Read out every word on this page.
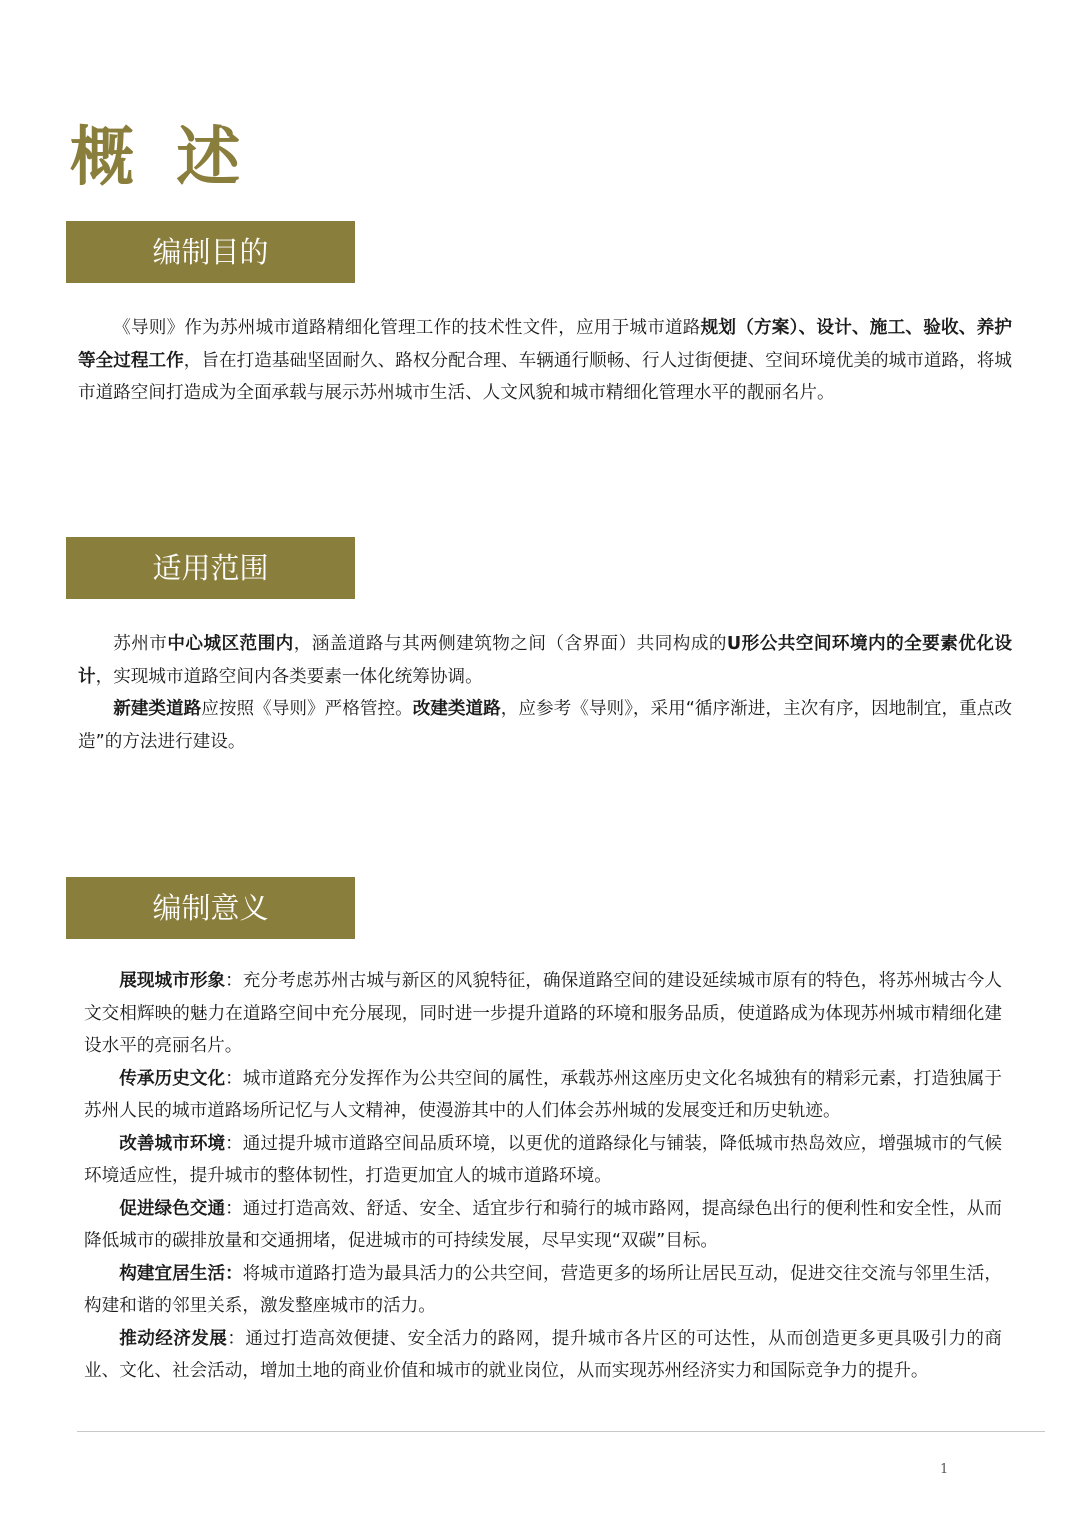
概 述
编制目的

《导则》作为苏州城市道路精细化管理工作的技术性文件，应用于城市道路规划（方案）、设计、施工、验收、养护等全过程工作，旨在打造基础坚固耐久、路权分配合理、车辆通行顺畅、行人过街便捷、空间环境优美的城市道路，将城市道路空间打造成为全面承载与展示苏州城市生活、人文风貌和城市精细化管理水平的靓丽名片。

适用范围

苏州市中心城区范围内，涵盖道路与其两侧建筑物之间（含界面）共同构成的U形公共空间环境内的全要素优化设计，实现城市道路空间内各类要素一体化统筹协调。

新建类道路应按照《导则》严格管控。改建类道路，应参考《导则》，采用“循序渐进，主次有序，因地制宜，重点改造”的方法进行建设。

编制意义

展现城市形象：充分考虑苏州古城与新区的风貌特征，确保道路空间的建设延续城市原有的特色，将苏州城古今人文交相辉映的魅力在道路空间中充分展现，同时进一步提升道路的环境和服务品质，使道路成为体现苏州城市精细化建设水平的亮丽名片。

传承历史文化：城市道路充分发挥作为公共空间的属性，承载苏州这座历史文化名城独有的精彩元素，打造独属于苏州人民的城市道路场所记忆与人文精神，使漫游其中的人们体会苏州城的发展变迁和历史轨迹。

改善城市环境：通过提升城市道路空间品质环境，以更优的道路绿化与铺装，降低城市热岛效应，增强城市的气候环境适应性，提升城市的整体韧性，打造更加宜人的城市道路环境。

促进绿色交通：通过打造高效、舒适、安全、适宜步行和骑行的城市路网，提高绿色出行的便利性和安全性，从而降低城市的碳排放量和交通拥堵，促进城市的可持续发展，尽早实现“双碳”目标。

构建宜居生活：将城市道路打造为最具活力的公共空间，营造更多的场所让居民互动，促进交往交流与邻里生活，构建和谐的邻里关系，激发整座城市的活力。

推动经济发展：通过打造高效便捷、安全活力的路网，提升城市各片区的可达性，从而创造更多更具吸引力的商业、文化、社会活动，增加土地的商业价值和城市的就业岗位，从而实现苏州经济实力和国际竞争力的提升。

1
